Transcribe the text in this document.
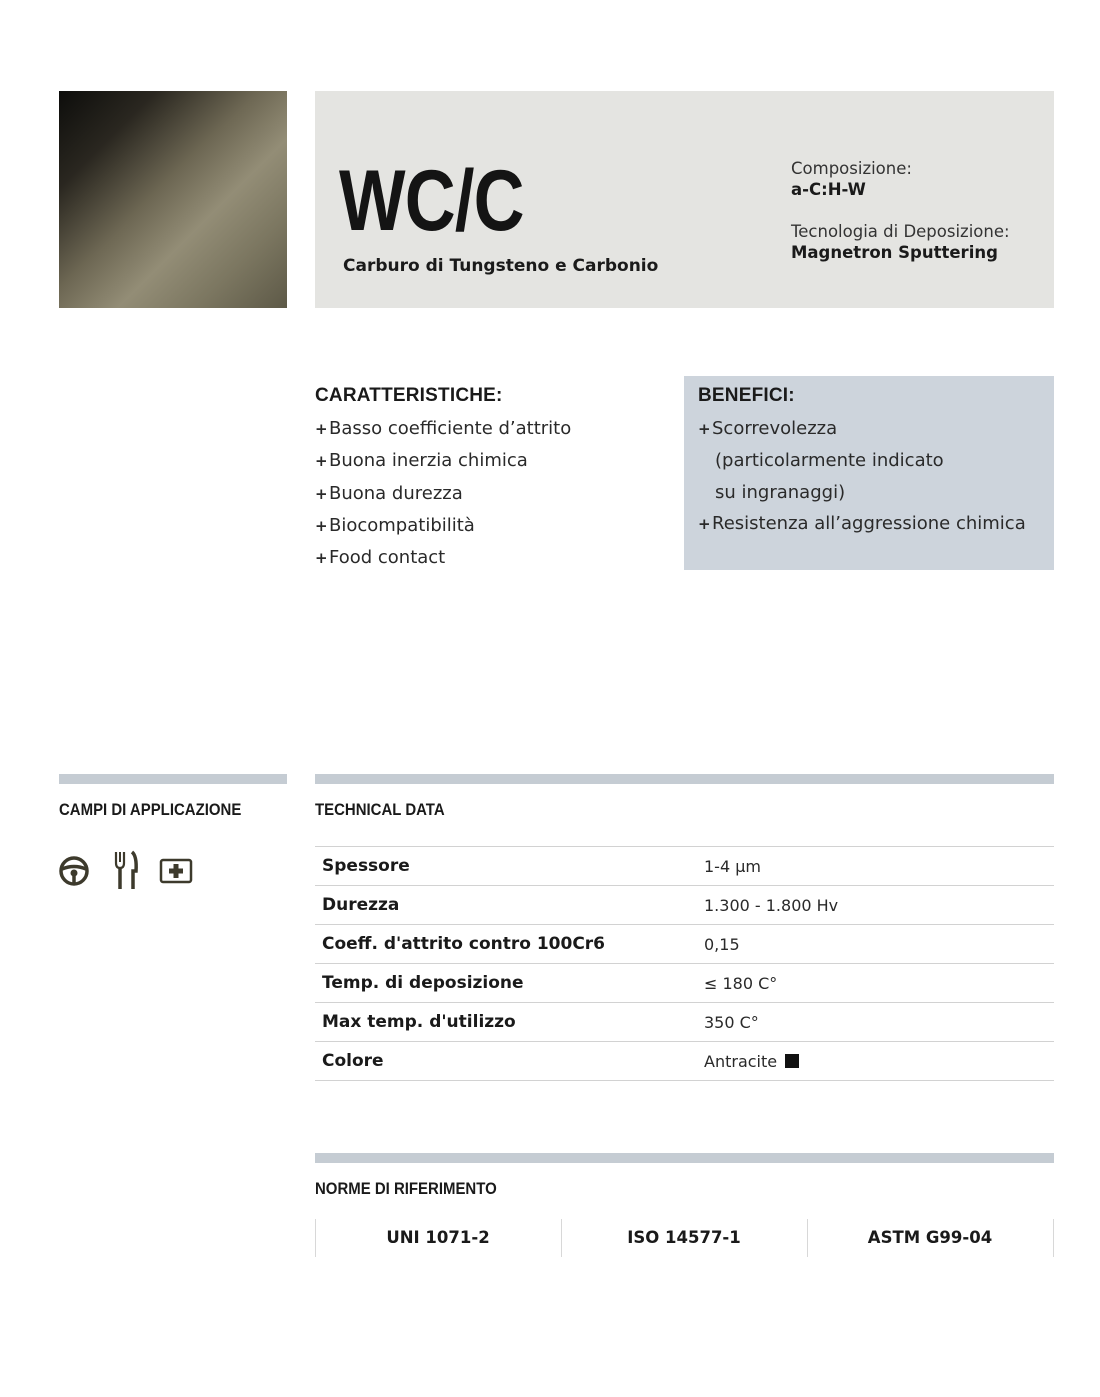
WC/C
Carburo di Tungsteno e Carbonio
Composizione:
a-C:H-W
Tecnologia di Deposizione:
Magnetron Sputtering
CARATTERISTICHE:
+Basso coefficiente d’attrito
+Buona inerzia chimica
+Buona durezza
+Biocompatibilità
+Food contact
BENEFICI:
+Scorrevolezza
(particolarmente indicato
su ingranaggi)
+Resistenza all’aggressione chimica
CAMPI DI APPLICAZIONE	TECHNICAL DATA
Spessore	1-4 µm
Durezza	1.300 - 1.800 Hv
Coeff. d'attrito contro 100Cr6	0,15
Temp. di deposizione	≤ 180 C°
Max temp. d'utilizzo	350 C°
Colore	Antracite
NORME DI RIFERIMENTO
UNI 1071-2	ISO 14577-1	ASTM G99-04
